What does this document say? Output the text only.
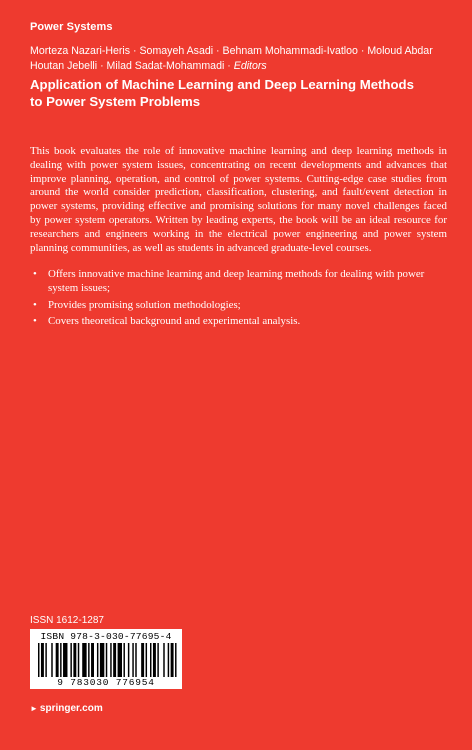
Power Systems
Morteza Nazari-Heris · Somayeh Asadi · Behnam Mohammadi-Ivatloo · Moloud Abdar
Houtan Jebelli · Milad Sadat-Mohammadi · Editors
Application of Machine Learning and Deep Learning Methods
to Power System Problems

This book evaluates the role of innovative machine learning and deep learning methods in dealing with power system issues, concentrating on recent developments and advances that improve planning, operation, and control of power systems. Cutting-edge case studies from around the world consider prediction, classification, clustering, and fault/event detection in power systems, providing effective and promising solutions for many novel challenges faced by power system operators. Written by leading experts, the book will be an ideal resource for researchers and engineers working in the electrical power engineering and power system planning communities, as well as students in advanced graduate-level courses.

• Offers innovative machine learning and deep learning methods for dealing with power system issues;
• Provides promising solution methodologies;
• Covers theoretical background and experimental analysis.
ISSN 1612-1287
ISBN 978-3-030-77695-4
9 783030 776954
► springer.com
